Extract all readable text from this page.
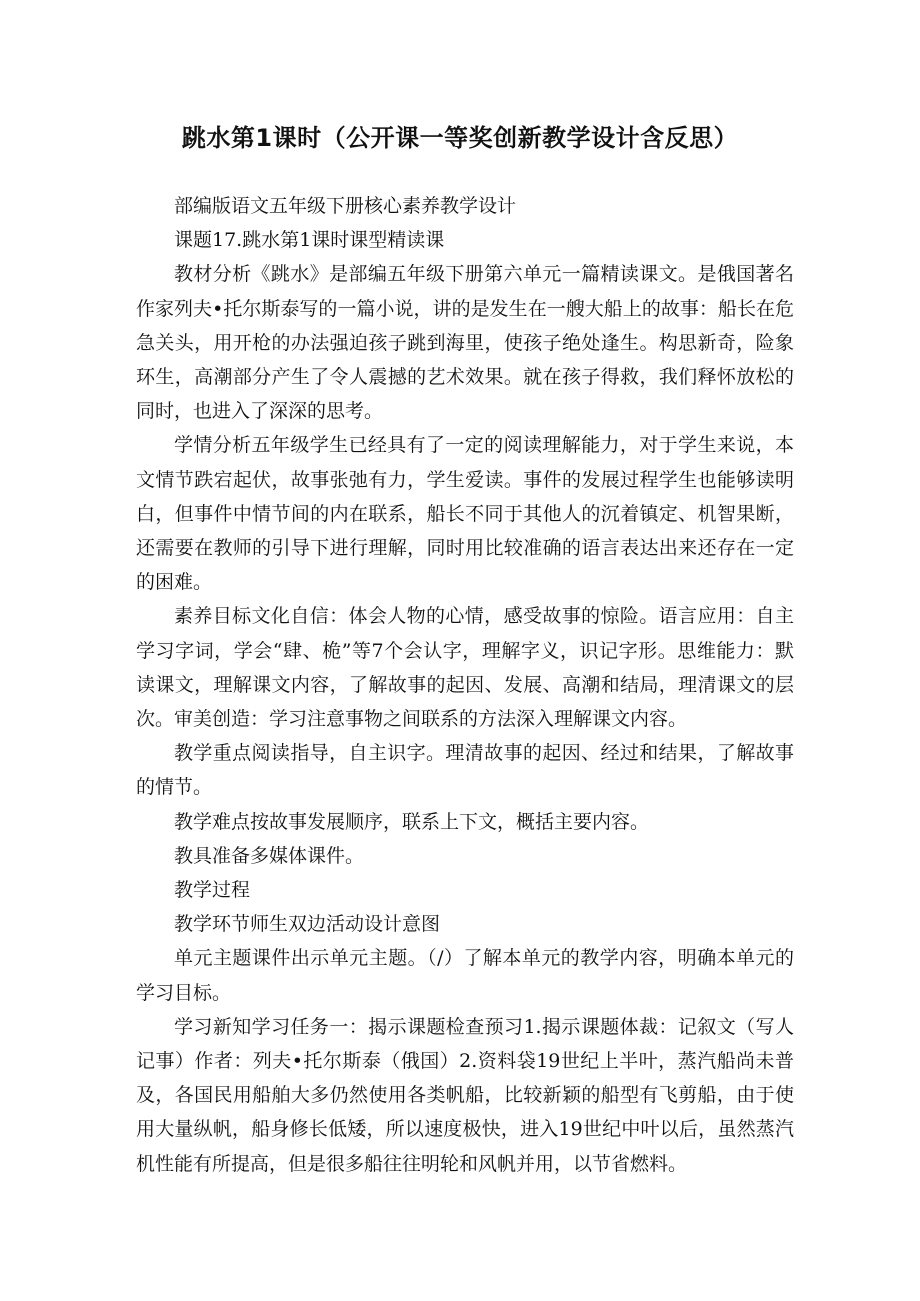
跳水第1课时（公开课一等奖创新教学设计含反思）

部编版语文五年级下册核心素养教学设计

课题17.跳水第1课时课型精读课

教材分析《跳水》是部编五年级下册第六单元一篇精读课文。是俄国著名作家列夫•托尔斯泰写的一篇小说，讲的是发生在一艘大船上的故事：船长在危急关头，用开枪的办法强迫孩子跳到海里，使孩子绝处逢生。构思新奇，险象环生，高潮部分产生了令人震撼的艺术效果。就在孩子得救，我们释怀放松的同时，也进入了深深的思考。

学情分析五年级学生已经具有了一定的阅读理解能力，对于学生来说，本文情节跌宕起伏，故事张弛有力，学生爱读。事件的发展过程学生也能够读明白，但事件中情节间的内在联系，船长不同于其他人的沉着镇定、机智果断，还需要在教师的引导下进行理解，同时用比较准确的语言表达出来还存在一定的困难。

素养目标文化自信：体会人物的心情，感受故事的惊险。语言应用：自主学习字词，学会“肆、桅”等7个会认字，理解字义，识记字形。思维能力：默读课文，理解课文内容，了解故事的起因、发展、高潮和结局，理清课文的层次。审美创造：学习注意事物之间联系的方法深入理解课文内容。

教学重点阅读指导，自主识字。理清故事的起因、经过和结果，了解故事的情节。

教学难点按故事发展顺序，联系上下文，概括主要内容。

教具准备多媒体课件。

教学过程

教学环节师生双边活动设计意图

单元主题课件出示单元主题。（/）了解本单元的教学内容，明确本单元的学习目标。

学习新知学习任务一：揭示课题检查预习1.揭示课题体裁：记叙文（写人记事）作者：列夫•托尔斯泰（俄国）2.资料袋19世纪上半叶，蒸汽船尚未普及，各国民用船舶大多仍然使用各类帆船，比较新颖的船型有飞剪船，由于使用大量纵帆，船身修长低矮，所以速度极快，进入19世纪中叶以后，虽然蒸汽机性能有所提高，但是很多船往往明轮和风帆并用，以节省燃料。
